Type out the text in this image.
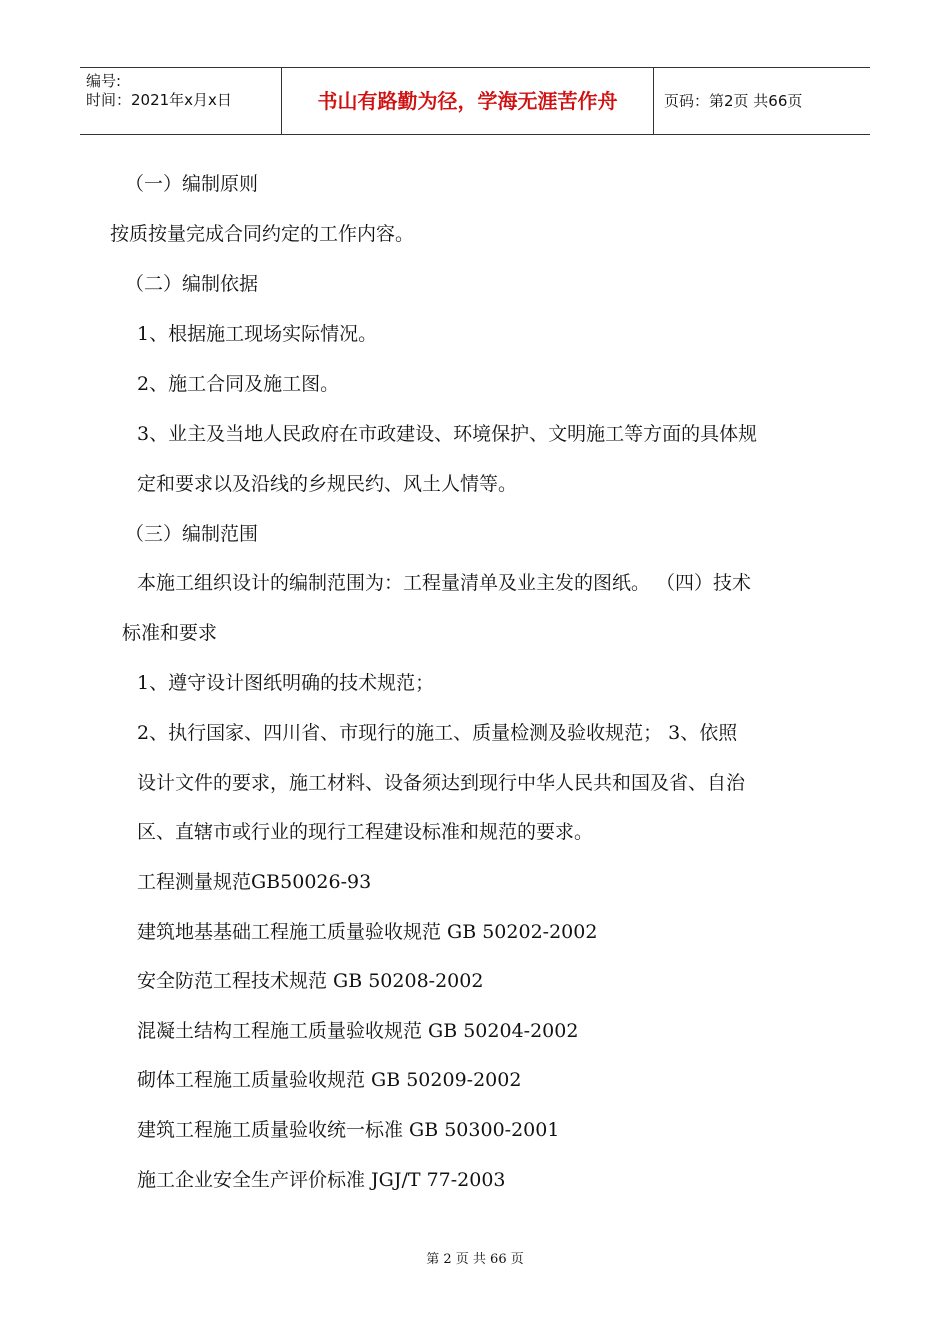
编号:
时间：2021年x月x日	书山有路勤为径，学海无涯苦作舟	页码：第2页 共66页
（一）编制原则
按质按量完成合同约定的工作内容。
（二）编制依据
1、根据施工现场实际情况。
2、施工合同及施工图。
3、业主及当地人民政府在市政建设、环境保护、文明施工等方面的具体规
定和要求以及沿线的乡规民约、风土人情等。
（三）编制范围
本施工组织设计的编制范围为：工程量清单及业主发的图纸。 （四）技术
标准和要求
1、遵守设计图纸明确的技术规范；
2、执行国家、四川省、市现行的施工、质量检测及验收规范； 3、依照
设计文件的要求，施工材料、设备须达到现行中华人民共和国及省、自治
区、直辖市或行业的现行工程建设标准和规范的要求。
工程测量规范GB50026-93
建筑地基基础工程施工质量验收规范 GB 50202-2002
安全防范工程技术规范 GB 50208-2002
混凝土结构工程施工质量验收规范 GB 50204-2002
砌体工程施工质量验收规范 GB 50209-2002
建筑工程施工质量验收统一标准 GB 50300-2001
施工企业安全生产评价标准 JGJ/T 77-2003
第 2 页 共 66 页
